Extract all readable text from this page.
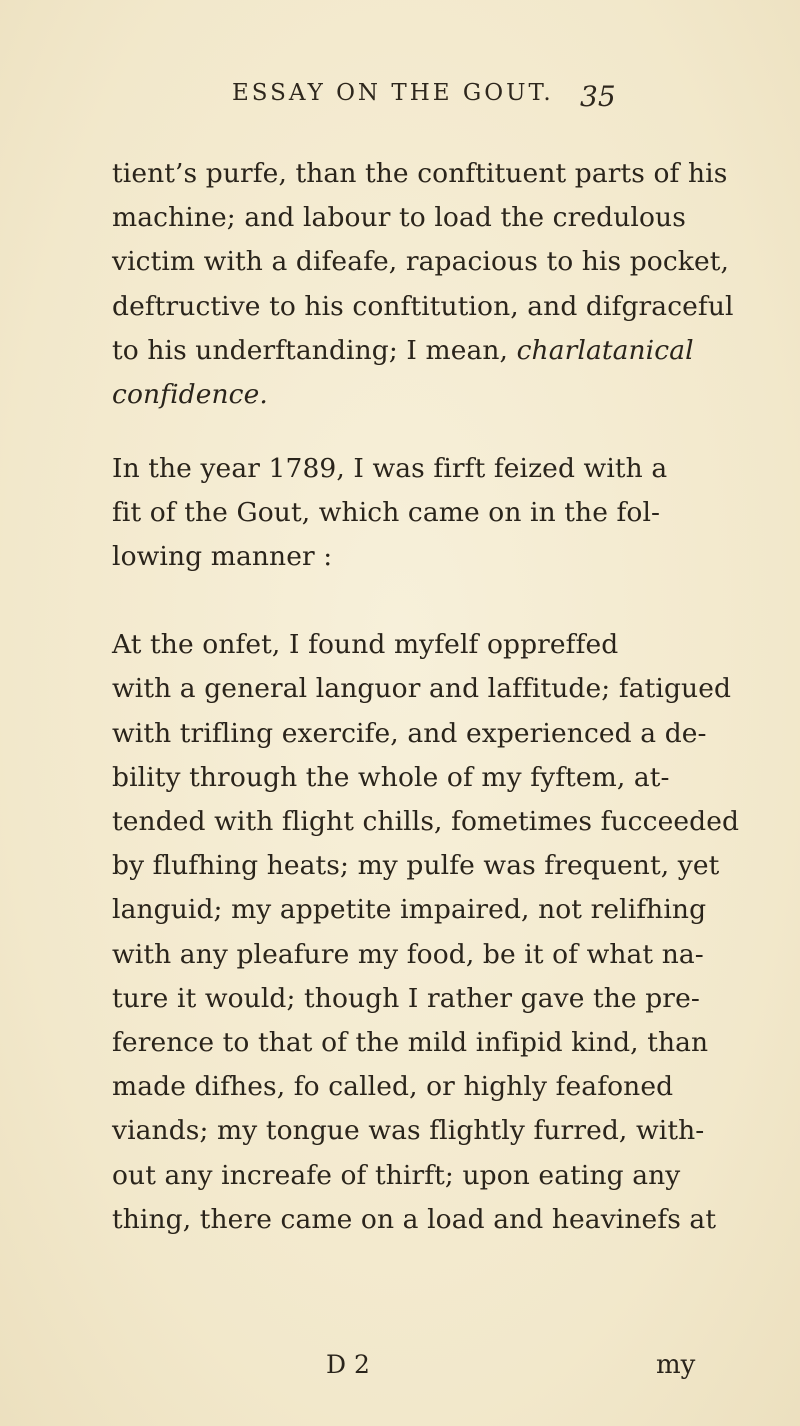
ESSAY ON THE GOUT. 35
tient’s purfe, than the conftituent parts of his
machine; and labour to load the credulous
victim with a difeafe, rapacious to his pocket,
deftructive to his conftitution, and difgraceful
to his underftanding; I mean, charlatanical
confidence.
In the year 1789, I was firft feized with a
fit of the Gout, which came on in the fol-
lowing manner :
At the onfet, I found myfelf oppreffed
with a general languor and laffitude; fatigued
with trifling exercife, and experienced a de-
bility through the whole of my fyftem, at-
tended with flight chills, fometimes fucceeded
by flufhing heats; my pulfe was frequent, yet
languid; my appetite impaired, not relifhing
with any pleafure my food, be it of what na-
ture it would; though I rather gave the pre-
ference to that of the mild infipid kind, than
made difhes, fo called, or highly feafoned
viands; my tongue was flightly furred, with-
out any increafe of thirft; upon eating any
thing, there came on a load and heavinefs at
D 2	my
